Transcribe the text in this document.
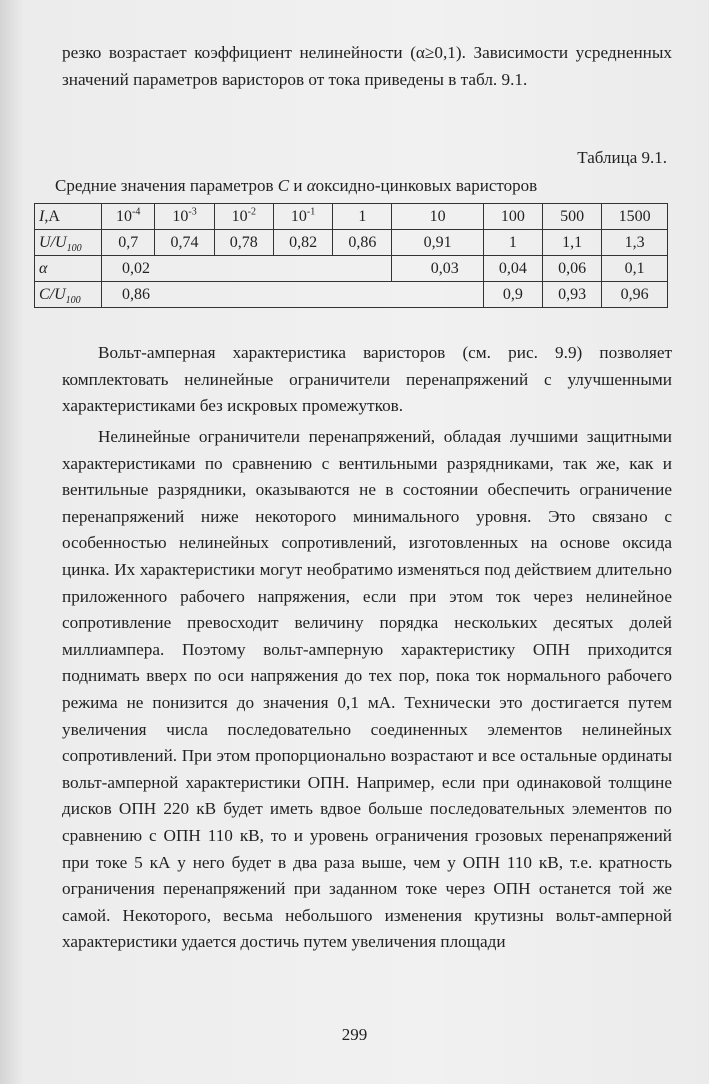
резко возрастает коэффициент нелинейности (α≥0,1). Зависимости усредненных значений параметров варисторов от тока приведены в табл. 9.1.

Таблица 9.1.
Средние значения параметров C и αоксидно-цинковых варисторов
I,A	$10^{-4}$	$10^{-3}$	$10^{-2}$	$10^{-1}$	1	10	100	500	1500
$U/U_{100}$	0,7	0,74	0,78	0,82	0,86	0,91	1	1,1	1,3
α	0,02					0,03	0,04	0,06	0,1
$C/U_{100}$	0,86						0,9	0,93	0,96

Вольт-амперная характеристика варисторов (см. рис. 9.9) позволяет комплектовать нелинейные ограничители перенапряжений с улучшенными характеристиками без искровых промежутков.

Нелинейные ограничители перенапряжений, обладая лучшими защитными характеристиками по сравнению с вентильными разрядниками, так же, как и вентильные разрядники, оказываются не в состоянии обеспечить ограничение перенапряжений ниже некоторого минимального уровня. Это связано с особенностью нелинейных сопротивлений, изготовленных на основе оксида цинка. Их характеристики могут необратимо изменяться под действием длительно приложенного рабочего напряжения, если при этом ток через нелинейное сопротивление превосходит величину порядка нескольких десятых долей миллиампера. Поэтому вольт-амперную характеристику ОПН приходится поднимать вверх по оси напряжения до тех пор, пока ток нормального рабочего режима не понизится до значения 0,1 мА. Технически это достигается путем увеличения числа последовательно соединенных элементов нелинейных сопротивлений. При этом пропорционально возрастают и все остальные ординаты вольт-амперной характеристики ОПН. Например, если при одинаковой толщине дисков ОПН 220 кВ будет иметь вдвое больше последовательных элементов по сравнению с ОПН 110 кВ, то и уровень ограничения грозовых перенапряжений при токе 5 кА у него будет в два раза выше, чем у ОПН 110 кВ, т.е. кратность ограничения перенапряжений при заданном токе через ОПН останется той же самой. Некоторого, весьма небольшого изменения крутизны вольт-амперной характеристики удается достичь путем увеличения площади

299
